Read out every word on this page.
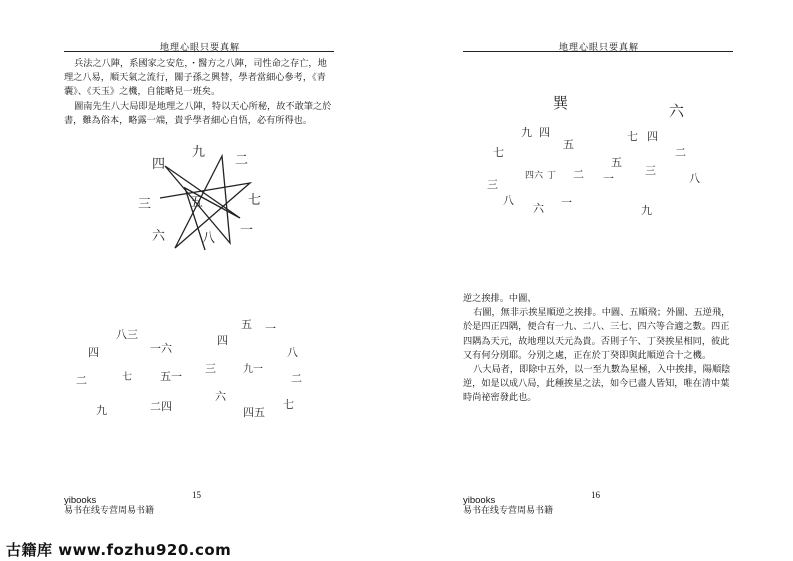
地理心眼只要真解

兵法之八陣，系國家之安危，・醫方之八陣，司性命之存亡，地理之八易，順天氣之流行，關子孫之興替，學者當細心參考，《青囊》、《天玉》之機，自能略見一班矣。

圖南先生八大局即是地理之八陣，特以天心所秘，故不敢筆之於書，難為俗本，略露一端，貴乎學者細心自悟，必有所得也。

四
九
二
三	五	七
六	八
一
八三
一六
四
二	五一
七
二四
九
五 一
四
八
三	九一
二
六
七
四五
15
yibooks
易书在线专营周易书籍
地理心眼只要真解
巽
九 四
七
五
二
三
八
六 一
四六 丁
六
七 四
二
五
三
一	八
九

逆之挨排。中圖、

右圖，無非示挨星順逆之挨排。中圖、五順飛；外圖、五逆飛，於是四正四隅，便合有一九、二八、三七、四六等合適之數。四正四隅為天元，故地理以天元為貴。否則子午、丁癸挨星相同，彼此又有何分別耶。分別之處，正在於丁癸即與此順逆合十之機。

八大局者，即除中五外，以一至九數為星極，入中挨排，陽順陰逆，如是以成八局，此種挨星之法，如今已盡人皆知，唯在清中葉時尚祕密發此也。

16
yibooks
易书在线专营周易书籍
古籍库 www.fozhu920.com
